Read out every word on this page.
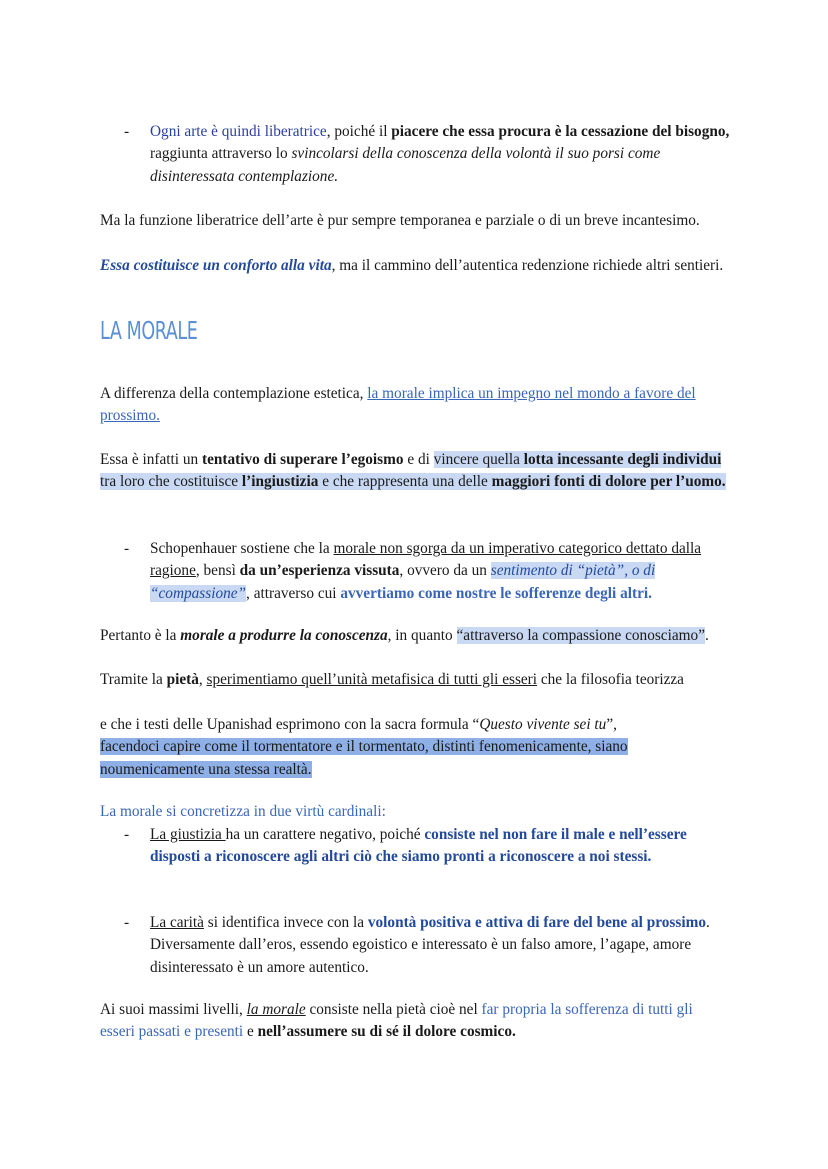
- Ogni arte è quindi liberatrice, poiché il piacere che essa procura è la cessazione del bisogno, raggiunta attraverso lo svincolarsi della conoscenza della volontà il suo porsi come disinteressata contemplazione.
Ma la funzione liberatrice dell’arte è pur sempre temporanea e parziale o di un breve incantesimo.
Essa costituisce un conforto alla vita, ma il cammino dell’autentica redenzione richiede altri sentieri.
LA MORALE
A differenza della contemplazione estetica, la morale implica un impegno nel mondo a favore del prossimo.
Essa è infatti un tentativo di superare l’egoismo e di vincere quella lotta incessante degli individui tra loro che costituisce l’ingiustizia e che rappresenta una delle maggiori fonti di dolore per l’uomo.
- Schopenhauer sostiene che la morale non sgorga da un imperativo categorico dettato dalla ragione, bensì da un’esperienza vissuta, ovvero da un sentimento di “pietà”, o di “compassione”, attraverso cui avvertiamo come nostre le sofferenze degli altri.
Pertanto è la morale a produrre la conoscenza, in quanto “attraverso la compassione conosciamo”.
Tramite la pietà, sperimentiamo quell’unità metafisica di tutti gli esseri che la filosofia teorizza
e che i testi delle Upanishad esprimono con la sacra formula “Questo vivente sei tu”,
facendoci capire come il tormentatore e il tormentato, distinti fenomenicamente, siano noumenicamente una stessa realtà.
La morale si concretizza in due virtù cardinali:
- La giustizia ha un carattere negativo, poiché consiste nel non fare il male e nell’essere disposti a riconoscere agli altri ciò che siamo pronti a riconoscere a noi stessi.
- La carità si identifica invece con la volontà positiva e attiva di fare del bene al prossimo. Diversamente dall’eros, essendo egoistico e interessato è un falso amore, l’agape, amore disinteressato è un amore autentico.
Ai suoi massimi livelli, la morale consiste nella pietà cioè nel far propria la sofferenza di tutti gli esseri passati e presenti e nell’assumere su di sé il dolore cosmico.
